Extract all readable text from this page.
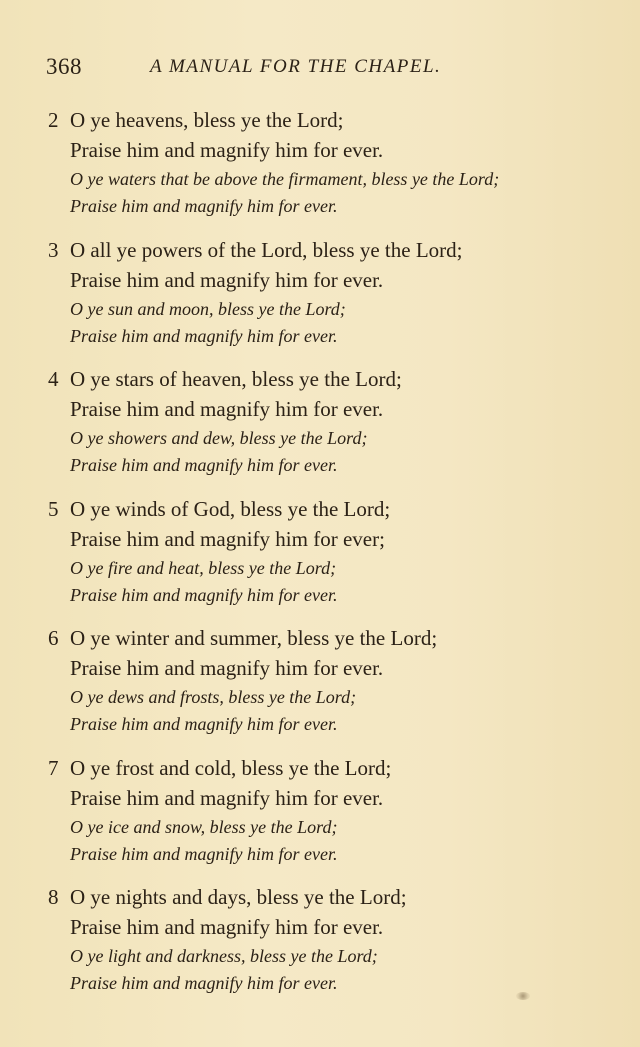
368	A MANUAL FOR THE CHAPEL.
2 O ye heavens, bless ye the Lord;
Praise him and magnify him for ever.
O ye waters that be above the firmament, bless ye the Lord;
Praise him and magnify him for ever.
3 O all ye powers of the Lord, bless ye the Lord;
Praise him and magnify him for ever.
O ye sun and moon, bless ye the Lord;
Praise him and magnify him for ever.
4 O ye stars of heaven, bless ye the Lord;
Praise him and magnify him for ever.
O ye showers and dew, bless ye the Lord;
Praise him and magnify him for ever.
5 O ye winds of God, bless ye the Lord;
Praise him and magnify him for ever;
O ye fire and heat, bless ye the Lord;
Praise him and magnify him for ever.
6 O ye winter and summer, bless ye the Lord;
Praise him and magnify him for ever.
O ye dews and frosts, bless ye the Lord;
Praise him and magnify him for ever.
7 O ye frost and cold, bless ye the Lord;
Praise him and magnify him for ever.
O ye ice and snow, bless ye the Lord;
Praise him and magnify him for ever.
8 O ye nights and days, bless ye the Lord;
Praise him and magnify him for ever.
O ye light and darkness, bless ye the Lord;
Praise him and magnify him for ever.
